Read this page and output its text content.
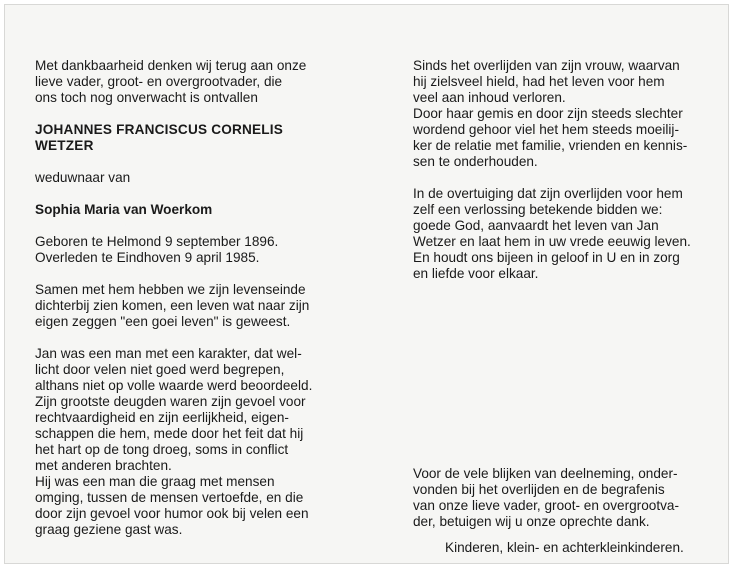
Met dankbaarheid denken wij terug aan onze

lieve vader, groot- en overgrootvader, die

ons toch nog onverwacht is ontvallen

JOHANNES FRANCISCUS CORNELIS

WETZER

weduwnaar van

Sophia Maria van Woerkom

Geboren te Helmond 9 september 1896.

Overleden te Eindhoven 9 april 1985.

Samen met hem hebben we zijn levenseinde

dichterbij zien komen, een leven wat naar zijn

eigen zeggen "een goei leven" is geweest.

Jan was een man met een karakter, dat wel-

licht door velen niet goed werd begrepen,

althans niet op volle waarde werd beoordeeld.

Zijn grootste deugden waren zijn gevoel voor

rechtvaardigheid en zijn eerlijkheid, eigen-

schappen die hem, mede door het feit dat hij

het hart op de tong droeg, soms in conflict

met anderen brachten.

Hij was een man die graag met mensen

omging, tussen de mensen vertoefde, en die

door zijn gevoel voor humor ook bij velen een

graag geziene gast was.

Sinds het overlijden van zijn vrouw, waarvan

hij zielsveel hield, had het leven voor hem

veel aan inhoud verloren.

Door haar gemis en door zijn steeds slechter

wordend gehoor viel het hem steeds moeilij-

ker de relatie met familie, vrienden en kennis-

sen te onderhouden.

In de overtuiging dat zijn overlijden voor hem

zelf een verlossing betekende bidden we:

goede God, aanvaardt het leven van Jan

Wetzer en laat hem in uw vrede eeuwig leven.

En houdt ons bijeen in geloof in U en in zorg

en liefde voor elkaar.

Voor de vele blijken van deelneming, onder-

vonden bij het overlijden en de begrafenis

van onze lieve vader, groot- en overgrootva-

der, betuigen wij u onze oprechte dank.

Kinderen, klein- en achterkleinkinderen.
